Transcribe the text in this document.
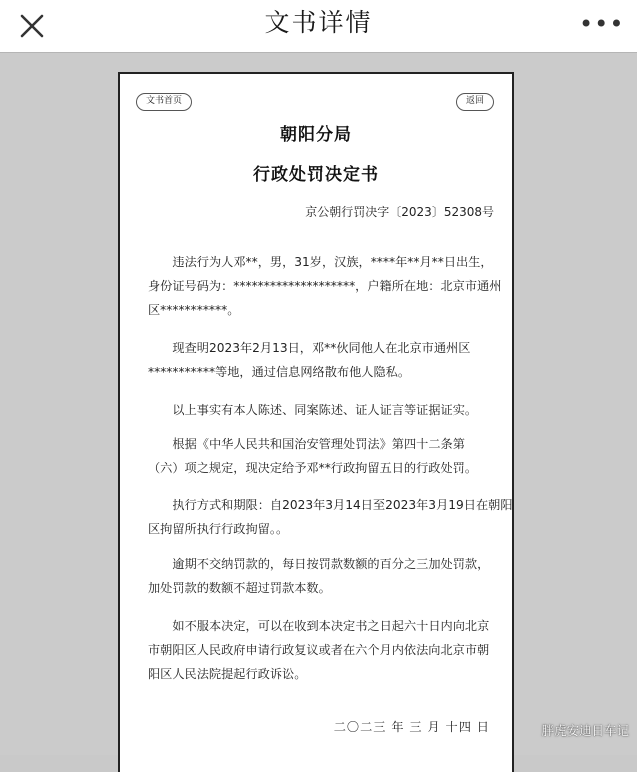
文书详情	•••
文书首页	返回
朝阳分局
行政处罚决定书
京公朝行罚决字〔2023〕52308号
违法行为人邓**，男，31岁，汉族，****年**月**日出生，
身份证号码为：********************，户籍所在地：北京市通州
区***********。
现查明2023年2月13日，邓**伙同他人在北京市通州区
***********等地，通过信息网络散布他人隐私。
以上事实有本人陈述、同案陈述、证人证言等证据证实。
根据《中华人民共和国治安管理处罚法》第四十二条第
（六）项之规定，现决定给予邓**行政拘留五日的行政处罚。
执行方式和期限：自2023年3月14日至2023年3月19日在朝阳
区拘留所执行行政拘留。。
逾期不交纳罚款的，每日按罚款数额的百分之三加处罚款，
加处罚款的数额不超过罚款本数。
如不服本决定，可以在收到本决定书之日起六十日内向北京
市朝阳区人民政府申请行政复议或者在六个月内依法向北京市朝
阳区人民法院提起行政诉讼。
二〇二三 年 三 月 十四 日	胖虎安迪日车记
